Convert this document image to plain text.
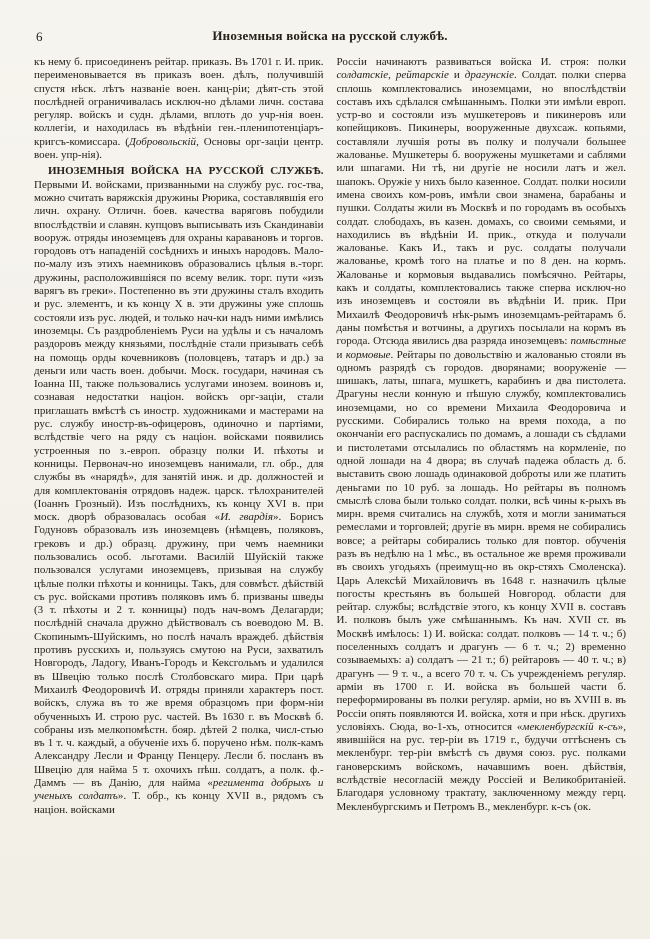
6	Иноземныя войска на русской службѣ.

къ нему б. присоединенъ рейтар. приказъ. Въ 1701 г. И. прик. переименовывается въ приказъ воен. дѣлъ, получившій спустя нѣск. лѣтъ названіе воен. канц-ріи; дѣят-сть этой послѣдней ограничивалась исключ-но дѣлами личн. состава регуляр. войскъ и судн. дѣлами, вплоть до учр-нія воен. коллегіи, и находилась въ вѣдѣніи ген.-пленипотенціаръ-кригсъ-комиссара. (Добровольскій, Основы орг-заціи центр. воен. упр-нія).

ИНОЗЕМНЫЯ ВОЙСКА НА РУССКОЙ СЛУЖБѢ. Первыми И. войсками, призванными на службу рус. гос-тва, можно считать варяжскія дружины Рюрика, составлявшія его личн. охрану. Отличн. боев. качества варяговъ побудили впослѣдствіи и славян. купцовъ выписывать изъ Скандинавіи вооруж. отряды иноземцевъ для охраны каравановъ и торгов. городовъ отъ нападеній сосѣднихъ и иныхъ народовъ. Мало-по-малу изъ этихъ наемниковъ образовались цѣлыя в.-торг. дружины, расположившіяся по всему велик. торг. пути «изъ варягъ въ греки». Постепенно въ эти дружины сталъ входить и рус. элементъ, и къ концу X в. эти дружины уже сплошь состояли изъ рус. людей, и только нач-ки надъ ними имѣлись иноземцы. Съ раздробленіемъ Руси на удѣлы и съ началомъ раздоровъ между князьями, послѣдніе стали призывать себѣ на помощь орды кочевниковъ (половцевъ, татаръ и др.) за деньги или часть воен. добычи. Моск. государи, начиная съ Іоанна III, также пользовались услугами инозем. воиновъ и, сознавая недостатки націон. войскъ орг-заціи, стали приглашать вмѣстѣ съ иностр. художниками и мастерами на рус. службу иностр-въ-офицеровъ, одиночно и партіями, вслѣдствіе чего на ряду съ націон. войсками появились устроенныя по з.-европ. образцу полки И. пѣхоты и конницы. Первонач-но иноземцевъ нанимали, гл. обр., для службы въ «нарядѣ», для занятій инж. и др. должностей и для комплектованія отрядовъ надеж. царск. тѣлохранителей (Іоаннъ Грозный). Изъ послѣднихъ, къ концу XVI в. при моск. дворѣ образовалась особая «И. гвардія». Борисъ Годуновъ образовалъ изъ иноземцевъ (нѣмцевъ, поляковъ, грековъ и др.) образц. дружину, при чемъ наемники пользовались особ. льготами. Василій Шуйскій также пользовался услугами иноземцевъ, призывая на службу цѣлые полки пѣхоты и конницы. Такъ, для совмѣст. дѣйствій съ рус. войсками противъ поляковъ имъ б. призваны шведы (3 т. пѣхоты и 2 т. конницы) подъ нач-вомъ Делагарди; послѣдній сначала дружно дѣйствовалъ съ воеводою М. В. Скопинымъ-Шуйскимъ, но послѣ началъ враждеб. дѣйствія противъ русскихъ и, пользуясь смутою на Руси, захватилъ Новгородъ, Ладогу, Иванъ-Городъ и Кексгольмъ и удалился въ Швецію только послѣ Столбовскаго мира. При царѣ Михаилѣ Феодоровичѣ И. отряды приняли характеръ пост. войскъ, служа въ то же время образцомъ при форм-ніи обученныхъ И. строю рус. частей. Въ 1630 г. въ Москвѣ б. собраны изъ мелкопомѣстн. бояр. дѣтей 2 полка, числ-стью въ 1 т. ч. каждый, а обученіе ихъ б. поручено нѣм. полк-камъ Александру Лесли и Францу Пенцеру. Лесли б. посланъ въ Швецію для найма 5 т. охочихъ пѣш. солдатъ, а полк. ф.-Даммъ — въ Данію, для найма «регимента добрыхъ и ученыхъ солдатъ». Т. обр., къ концу XVII в., рядомъ съ націон. войсками

Россіи начинаютъ развиваться войска И. строя: полки солдатскіе, рейтарскіе и драгунскіе. Солдат. полки сперва сплошь комплектовались иноземцами, но впослѣдствіи составъ ихъ сдѣлался смѣшаннымъ. Полки эти имѣли европ. устр-во и состояли изъ мушкетеровъ и пикинеровъ или копейщиковъ. Пикинеры, вооруженные двухсаж. копьями, составляли лучшія роты въ полку и получали большее жалованье. Мушкетеры б. вооружены мушкетами и саблями или шпагами. Ни тѣ, ни другіе не носили латъ и жел. шапокъ. Оружіе у нихъ было казенное. Солдат. полки носили имена своихъ ком-ровъ, имѣли свои знамена, барабаны и пушки. Солдаты жили въ Москвѣ и по городамъ въ особыхъ солдат. слободахъ, въ казен. домахъ, со своими семьями, и находились въ вѣдѣніи И. прик., откуда и получали жалованье. Какъ И., такъ и рус. солдаты получали жалованье, кромѣ того на платье и по 8 ден. на кормъ. Жалованье и кормовыя выдавались помѣсячно. Рейтары, какъ и солдаты, комплектовались также сперва исключ-но изъ иноземцевъ и состояли въ вѣдѣніи И. прик. При Михаилѣ Феодоровичѣ нѣк-рымъ иноземцамъ-рейтарамъ б. даны помѣстья и вотчины, а другихъ посылали на кормъ въ города. Отсюда явились два разряда иноземцевъ: помѣстные и кормовые. Рейтары по довольствію и жалованью стояли въ одномъ разрядѣ съ городов. дворянами; вооруженіе — шишакъ, латы, шпага, мушкетъ, карабинъ и два пистолета. Драгуны несли конную и пѣшую службу, комплектовались иноземцами, но со времени Михаила Феодоровича и русскими. Собирались только на время похода, а по окончаніи его распускались по домамъ, а лошади съ сѣдлами и пистолетами отсылались по областямъ на кормленіе, по одной лошади на 4 двора; въ случаѣ падежа область д. б. выставить свою лошадь одинаковой доброты или же платить деньгами по 10 руб. за лошадь. Но рейтары въ полномъ смыслѣ слова были только солдат. полки, всѣ чины к-рыхъ въ мирн. время считались на службѣ, хотя и могли заниматься ремеслами и торговлей; другіе въ мирн. время не собирались вовсе; а рейтары собирались только для повтор. обученія разъ въ недѣлю на 1 мѣс., въ остальное же время проживали въ своихъ угодьяхъ (преимущ-но въ окр-стяхъ Смоленска). Царь Алексѣй Михайловичъ въ 1648 г. назначилъ цѣлые погосты крестьянъ въ большей Новгород. области для рейтар. службы; вслѣдствіе этого, къ концу XVII в. составъ И. полковъ былъ уже смѣшаннымъ. Къ нач. XVII ст. въ Москвѣ имѣлось: 1) И. войска: солдат. полковъ — 14 т. ч.; б) поселенныхъ солдатъ и драгунъ — 6 т. ч.; 2) временно созываемыхъ: а) солдатъ — 21 т.; б) рейтаровъ — 40 т. ч.; в) драгунъ — 9 т. ч., а всего 70 т. ч. Съ учрежденіемъ регуляр. арміи въ 1700 г. И. войска въ большей части б. переформированы въ полки регуляр. арміи, но въ XVIII в. въ Россіи опять появляются И. войска, хотя и при нѣск. другихъ условіяхъ. Сюда, во-1-хъ, относится «мекленбургскій к-съ», явившійся на рус. тер-ріи въ 1719 г., будучи оттѣсненъ съ мекленбург. тер-ріи вмѣстѣ съ двумя союз. рус. полками гановерскимъ войскомъ, начавшимъ воен. дѣйствія, вслѣдствіе несогласій между Россіей и Великобританіей. Благодаря условному трактату, заключенному между герц. Мекленбургскимъ и Петромъ В., мекленбург. к-съ (ок.
